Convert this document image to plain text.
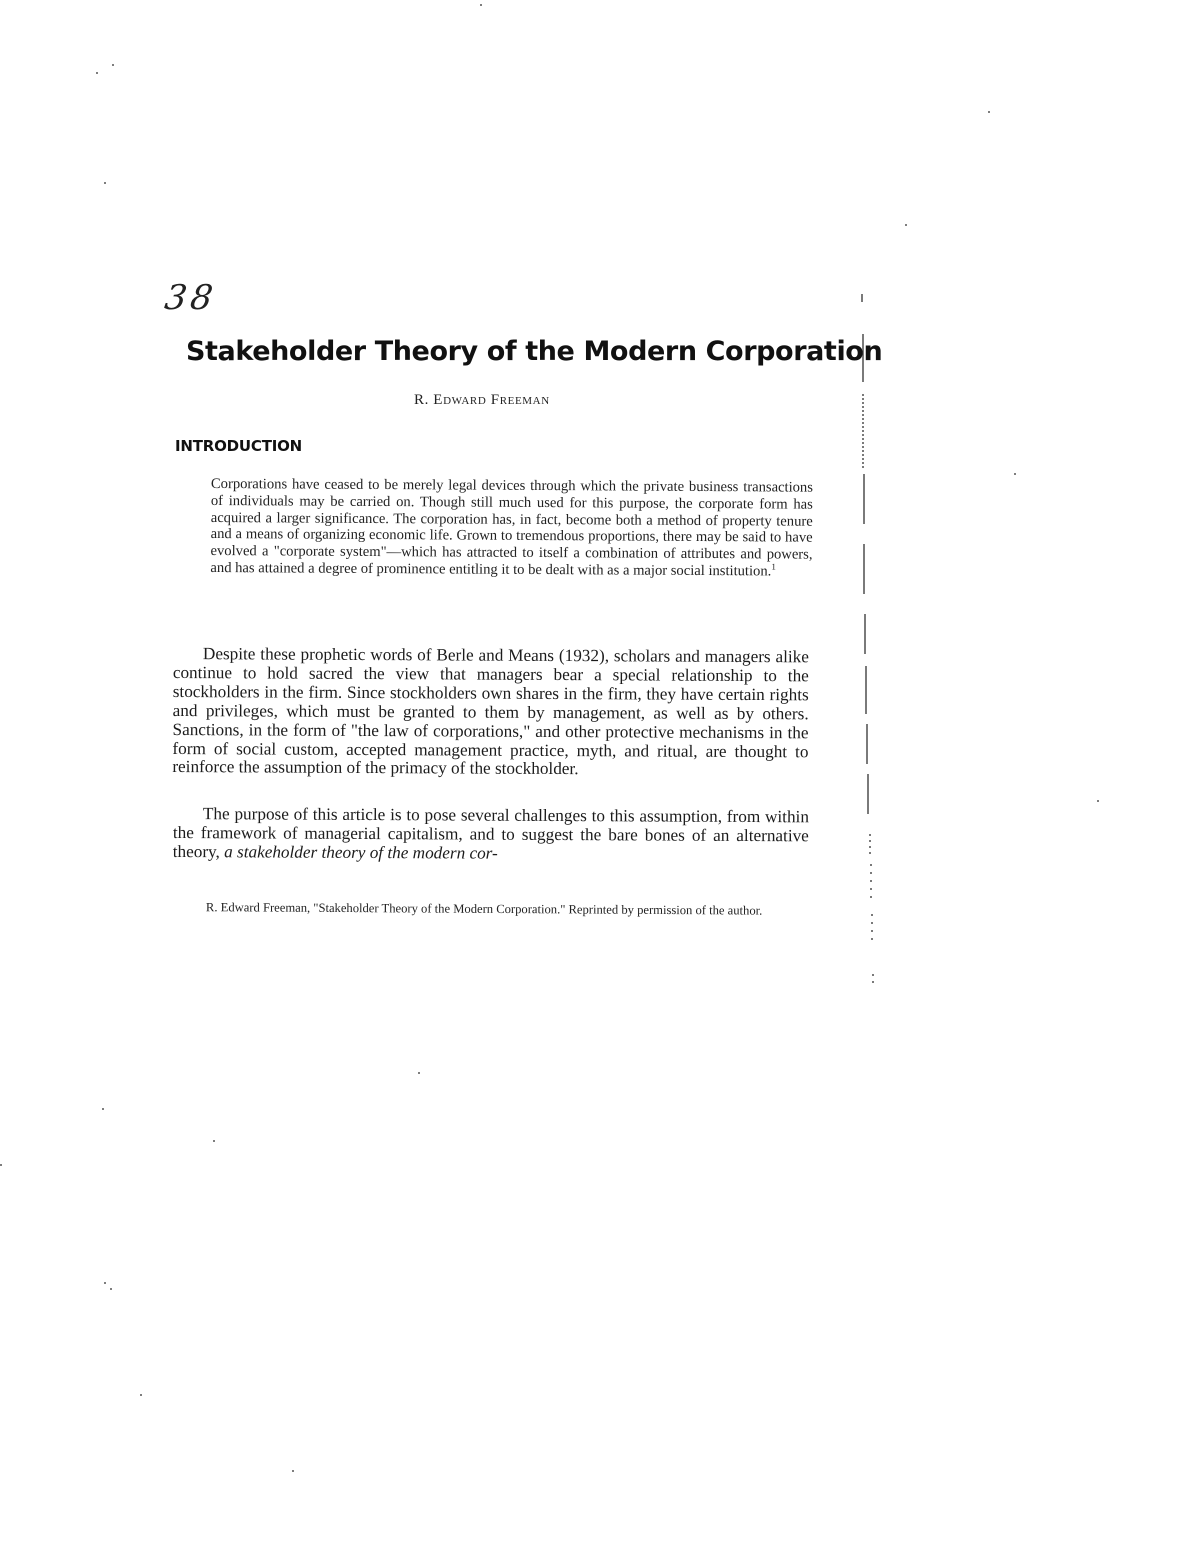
38
Stakeholder Theory of the Modern Corporation
R. Edward Freeman
INTRODUCTION

Corporations have ceased to be merely legal devices through which the private business transactions of individuals may be carried on. Though still much used for this purpose, the corporate form has acquired a larger significance. The corporation has, in fact, become both a method of property tenure and a means of organizing economic life. Grown to tremendous proportions, there may be said to have evolved a "corporate system"—which has attracted to itself a combination of attributes and powers, and has attained a degree of prominence entitling it to be dealt with as a major social institution.$^1$

Despite these prophetic words of Berle and Means (1932), scholars and managers alike continue to hold sacred the view that managers bear a special relationship to the stockholders in the firm. Since stockholders own shares in the firm, they have certain rights and privileges, which must be granted to them by management, as well as by others. Sanctions, in the form of "the law of corporations," and other protective mechanisms in the form of social custom, accepted management practice, myth, and ritual, are thought to reinforce the assumption of the primacy of the stockholder.

The purpose of this article is to pose several challenges to this assumption, from within the framework of managerial capitalism, and to suggest the bare bones of an alternative theory, a stakeholder theory of the modern cor-

R. Edward Freeman, "Stakeholder Theory of the Modern Corporation." Reprinted by permission of the author.
